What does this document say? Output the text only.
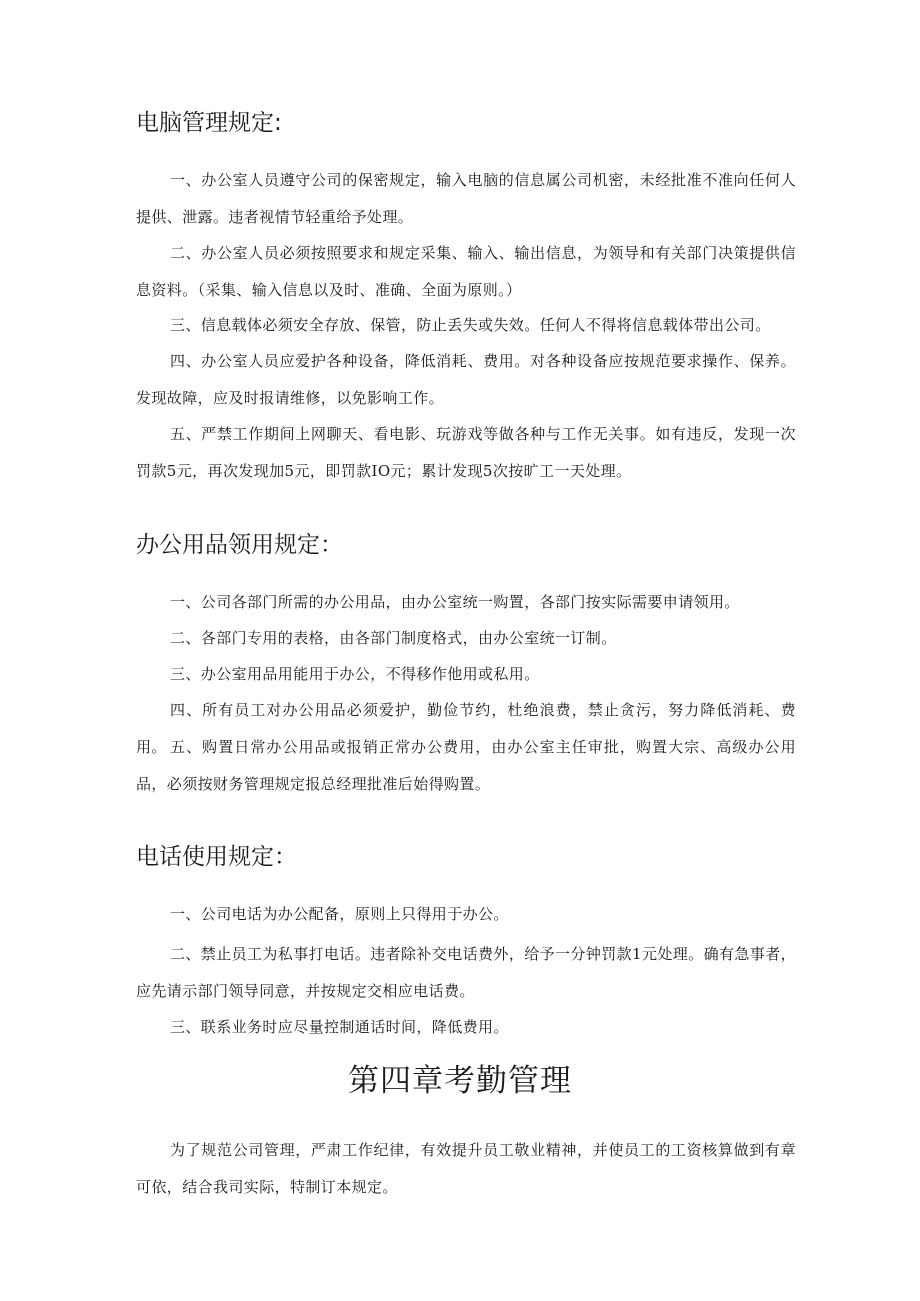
电脑管理规定:

一、办公室人员遵守公司的保密规定，输入电脑的信息属公司机密，未经批准不准向任何人提供、泄露。违者视情节轻重给予处理。

二、办公室人员必须按照要求和规定采集、输入、输出信息，为领导和有关部门决策提供信息资料。（采集、输入信息以及时、准确、全面为原则。）

三、信息载体必须安全存放、保管，防止丢失或失效。任何人不得将信息载体带出公司。

四、办公室人员应爱护各种设备，降低消耗、费用。对各种设备应按规范要求操作、保养。发现故障，应及时报请维修，以免影响工作。

五、严禁工作期间上网聊天、看电影、玩游戏等做各种与工作无关事。如有违反，发现一次罚款5元，再次发现加5元，即罚款IO元；累计发现5次按旷工一天处理。

办公用品领用规定：

一、公司各部门所需的办公用品，由办公室统一购置，各部门按实际需要申请领用。

二、各部门专用的表格，由各部门制度格式，由办公室统一订制。

三、办公室用品用能用于办公，不得移作他用或私用。

四、所有员工对办公用品必须爱护，勤俭节约，杜绝浪费，禁止贪污，努力降低消耗、费用。 五、购置日常办公用品或报销正常办公费用，由办公室主任审批，购置大宗、高级办公用品，必须按财务管理规定报总经理批准后始得购置。

电话使用规定：

一、公司电话为办公配备，原则上只得用于办公。

二、禁止员工为私事打电话。违者除补交电话费外，给予一分钟罚款1元处理。确有急事者，应先请示部门领导同意，并按规定交相应电话费。

三、联系业务时应尽量控制通话时间，降低费用。

第四章考勤管理

为了规范公司管理，严肃工作纪律，有效提升员工敬业精神，并使员工的工资核算做到有章可依，结合我司实际，特制订本规定。
